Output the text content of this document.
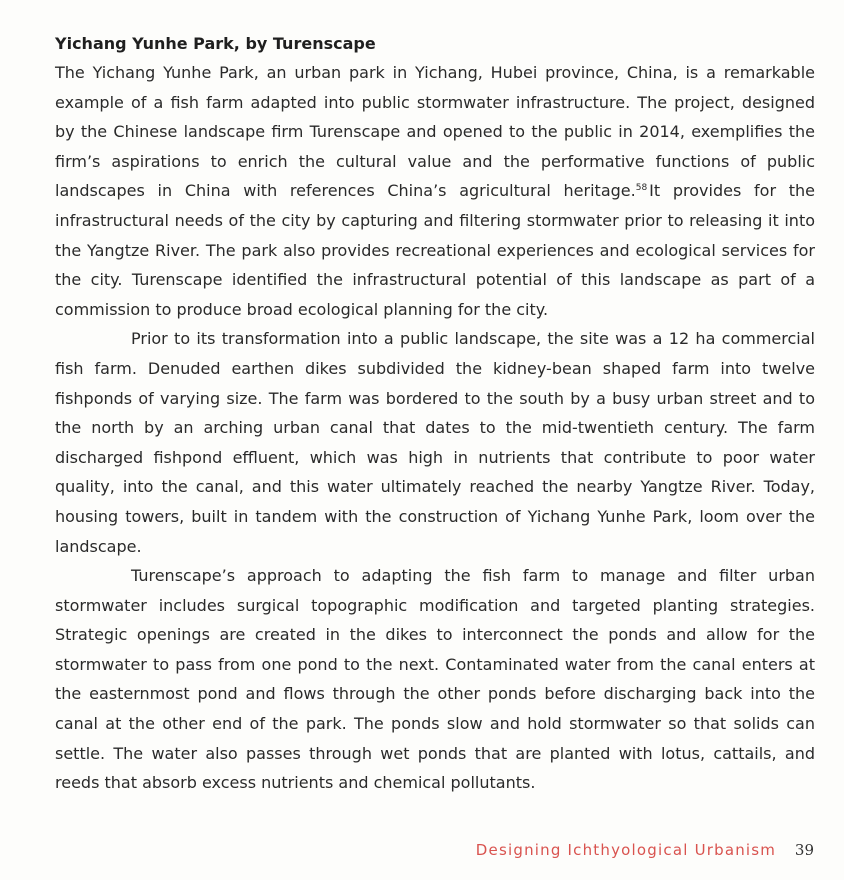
Yichang Yunhe Park, by Turenscape

The Yichang Yunhe Park, an urban park in Yichang, Hubei province, China, is a remarkable example of a fish farm adapted into public stormwater infrastructure. The project, designed by the Chinese landscape firm Turenscape and opened to the public in 2014, exemplifies the firm’s aspirations to enrich the cultural value and the performative functions of public landscapes in China with references China’s agricultural heritage.$^{58}$ It provides for the infrastructural needs of the city by capturing and filtering stormwater prior to releasing it into the Yangtze River. The park also provides recreational experiences and ecological services for the city. Turenscape identified the infrastructural potential of this landscape as part of a commission to produce broad ecological planning for the city.

Prior to its transformation into a public landscape, the site was a 12 ha commercial fish farm. Denuded earthen dikes subdivided the kidney-bean shaped farm into twelve fishponds of varying size. The farm was bordered to the south by a busy urban street and to the north by an arching urban canal that dates to the mid-twentieth century. The farm discharged fishpond effluent, which was high in nutrients that contribute to poor water quality, into the canal, and this water ultimately reached the nearby Yangtze River. Today, housing towers, built in tandem with the construction of Yichang Yunhe Park, loom over the landscape.

Turenscape’s approach to adapting the fish farm to manage and filter urban stormwater includes surgical topographic modification and targeted planting strategies. Strategic openings are created in the dikes to interconnect the ponds and allow for the stormwater to pass from one pond to the next. Contaminated water from the canal enters at the easternmost pond and flows through the other ponds before discharging back into the canal at the other end of the park. The ponds slow and hold stormwater so that solids can settle. The water also passes through wet ponds that are planted with lotus, cattails, and reeds that absorb excess nutrients and chemical pollutants.

Designing Ichthyological Urbanism 39
